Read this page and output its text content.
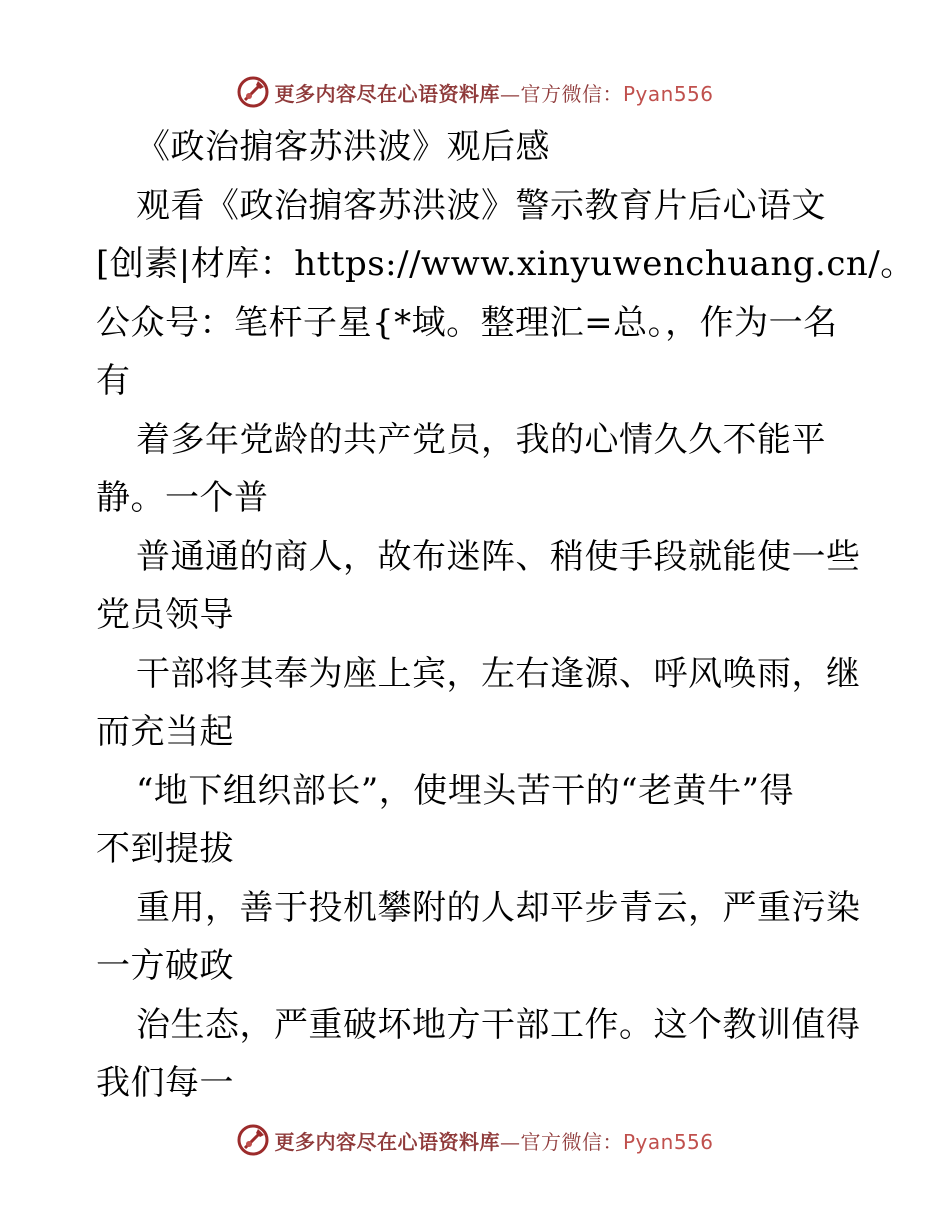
更多内容尽在心语资料库—官方微信：Pyan556
《政治掮客苏洪波》观后感
观看《政治掮客苏洪波》警示教育片后心语文
[创素|材库：https://www.xinyuwenchuang.cn/。
公众号：笔杆子星{*域。整理汇=总。，作为一名
有
着多年党龄的共产党员，我的心情久久不能平
静。一个普
普通通的商人，故布迷阵、稍使手段就能使一些
党员领导
干部将其奉为座上宾，左右逢源、呼风唤雨，继
而充当起
“地下组织部长”，使埋头苦干的“老黄牛”得
不到提拔
重用，善于投机攀附的人却平步青云，严重污染
一方破政
治生态，严重破坏地方干部工作。这个教训值得
我们每一
更多内容尽在心语资料库—官方微信：Pyan556
